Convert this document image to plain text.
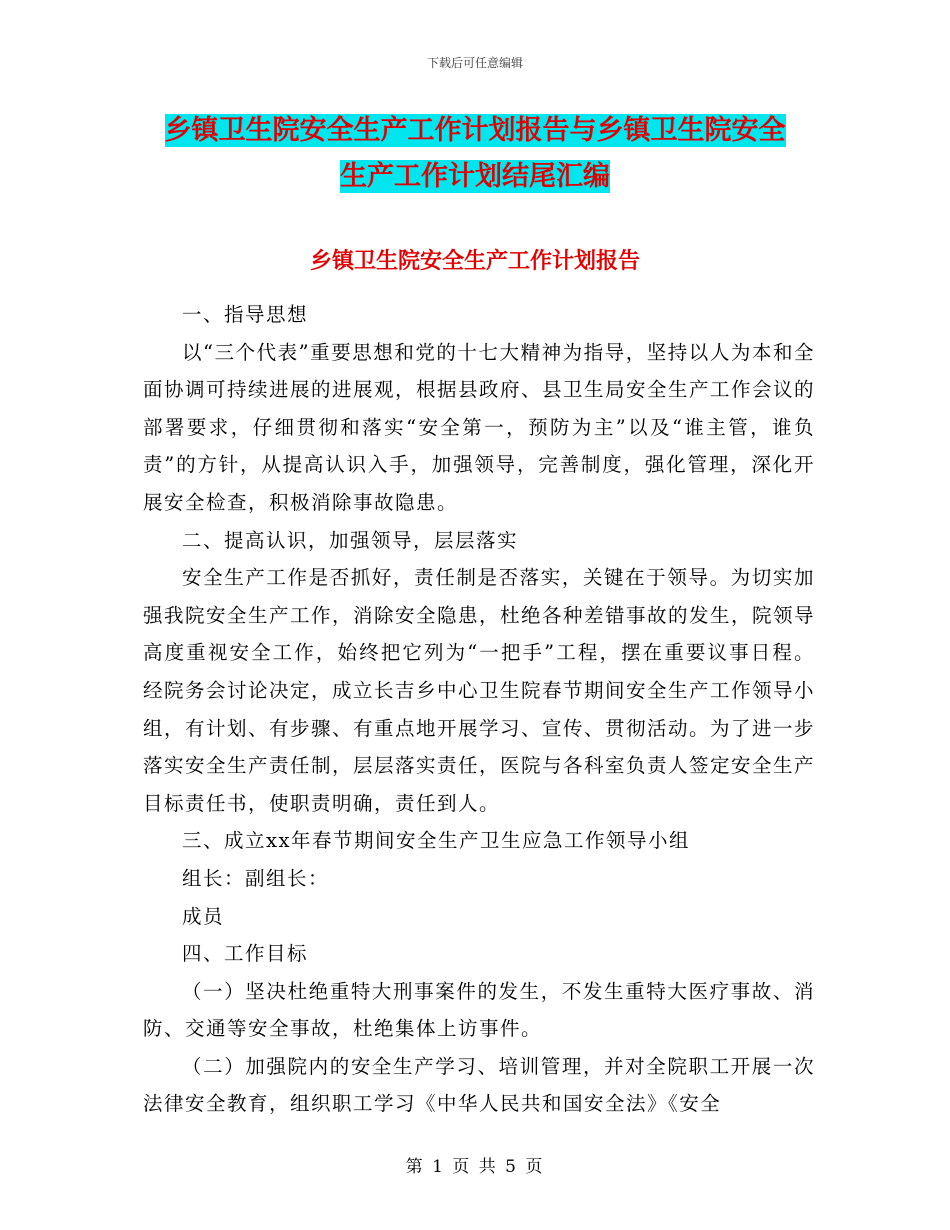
下载后可任意编辑
乡镇卫生院安全生产工作计划报告与乡镇卫生院安全
生产工作计划结尾汇编
乡镇卫生院安全生产工作计划报告

一、指导思想

以“三个代表”重要思想和党的十七大精神为指导，坚持以人为本和全面协调可持续进展的进展观，根据县政府、县卫生局安全生产工作会议的部署要求，仔细贯彻和落实“安全第一，预防为主”以及“谁主管，谁负责”的方针，从提高认识入手，加强领导，完善制度，强化管理，深化开展安全检查，积极消除事故隐患。

二、提高认识，加强领导，层层落实

安全生产工作是否抓好，责任制是否落实，关键在于领导。为切实加强我院安全生产工作，消除安全隐患，杜绝各种差错事故的发生，院领导高度重视安全工作，始终把它列为“一把手”工程，摆在重要议事日程。经院务会讨论决定，成立长吉乡中心卫生院春节期间安全生产工作领导小组，有计划、有步骤、有重点地开展学习、宣传、贯彻活动。为了进一步落实安全生产责任制，层层落实责任，医院与各科室负责人签定安全生产目标责任书，使职责明确，责任到人。

三、成立xx年春节期间安全生产卫生应急工作领导小组

组长：副组长：

成员

四、工作目标

（一）坚决杜绝重特大刑事案件的发生，不发生重特大医疗事故、消防、交通等安全事故，杜绝集体上访事件。

（二）加强院内的安全生产学习、培训管理，并对全院职工开展一次法律安全教育，组织职工学习《中华人民共和国安全法》《安全

第 1 页 共 5 页
